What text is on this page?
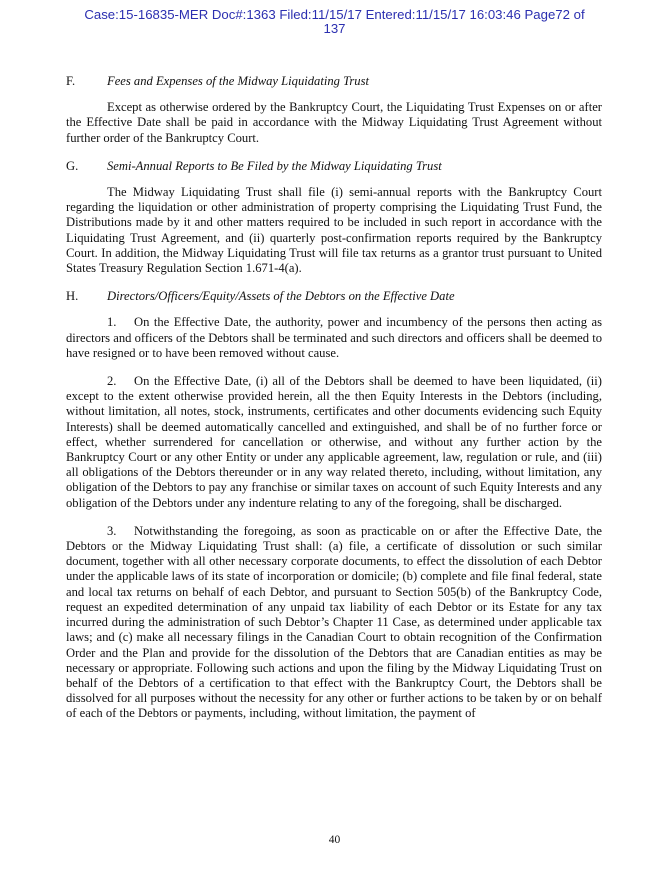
Case:15-16835-MER Doc#:1363 Filed:11/15/17 Entered:11/15/17 16:03:46 Page72 of
137
F.	Fees and Expenses of the Midway Liquidating Trust

Except as otherwise ordered by the Bankruptcy Court, the Liquidating Trust Expenses on or after the Effective Date shall be paid in accordance with the Midway Liquidating Trust Agreement without further order of the Bankruptcy Court.

G. Semi-Annual Reports to Be Filed by the Midway Liquidating Trust

The Midway Liquidating Trust shall file (i) semi-annual reports with the Bankruptcy Court regarding the liquidation or other administration of property comprising the Liquidating Trust Fund, the Distributions made by it and other matters required to be included in such report in accordance with the Liquidating Trust Agreement, and (ii) quarterly post-confirmation reports required by the Bankruptcy Court. In addition, the Midway Liquidating Trust will file tax returns as a grantor trust pursuant to United States Treasury Regulation Section 1.671-4(a).

H. Directors/Officers/Equity/Assets of the Debtors on the Effective Date

1. On the Effective Date, the authority, power and incumbency of the persons then acting as directors and officers of the Debtors shall be terminated and such directors and officers shall be deemed to have resigned or to have been removed without cause.

2. On the Effective Date, (i) all of the Debtors shall be deemed to have been liquidated, (ii) except to the extent otherwise provided herein, all the then Equity Interests in the Debtors (including, without limitation, all notes, stock, instruments, certificates and other documents evidencing such Equity Interests) shall be deemed automatically cancelled and extinguished, and shall be of no further force or effect, whether surrendered for cancellation or otherwise, and without any further action by the Bankruptcy Court or any other Entity or under any applicable agreement, law, regulation or rule, and (iii) all obligations of the Debtors thereunder or in any way related thereto, including, without limitation, any obligation of the Debtors to pay any franchise or similar taxes on account of such Equity Interests and any obligation of the Debtors under any indenture relating to any of the foregoing, shall be discharged.

3. Notwithstanding the foregoing, as soon as practicable on or after the Effective Date, the Debtors or the Midway Liquidating Trust shall: (a) file, a certificate of dissolution or such similar document, together with all other necessary corporate documents, to effect the dissolution of each Debtor under the applicable laws of its state of incorporation or domicile; (b) complete and file final federal, state and local tax returns on behalf of each Debtor, and pursuant to Section 505(b) of the Bankruptcy Code, request an expedited determination of any unpaid tax liability of each Debtor or its Estate for any tax incurred during the administration of such Debtor’s Chapter 11 Case, as determined under applicable tax laws; and (c) make all necessary filings in the Canadian Court to obtain recognition of the Confirmation Order and the Plan and provide for the dissolution of the Debtors that are Canadian entities as may be necessary or appropriate. Following such actions and upon the filing by the Midway Liquidating Trust on behalf of the Debtors of a certification to that effect with the Bankruptcy Court, the Debtors shall be dissolved for all purposes without the necessity for any other or further actions to be taken by or on behalf of each of the Debtors or payments, including, without limitation, the payment of

40
